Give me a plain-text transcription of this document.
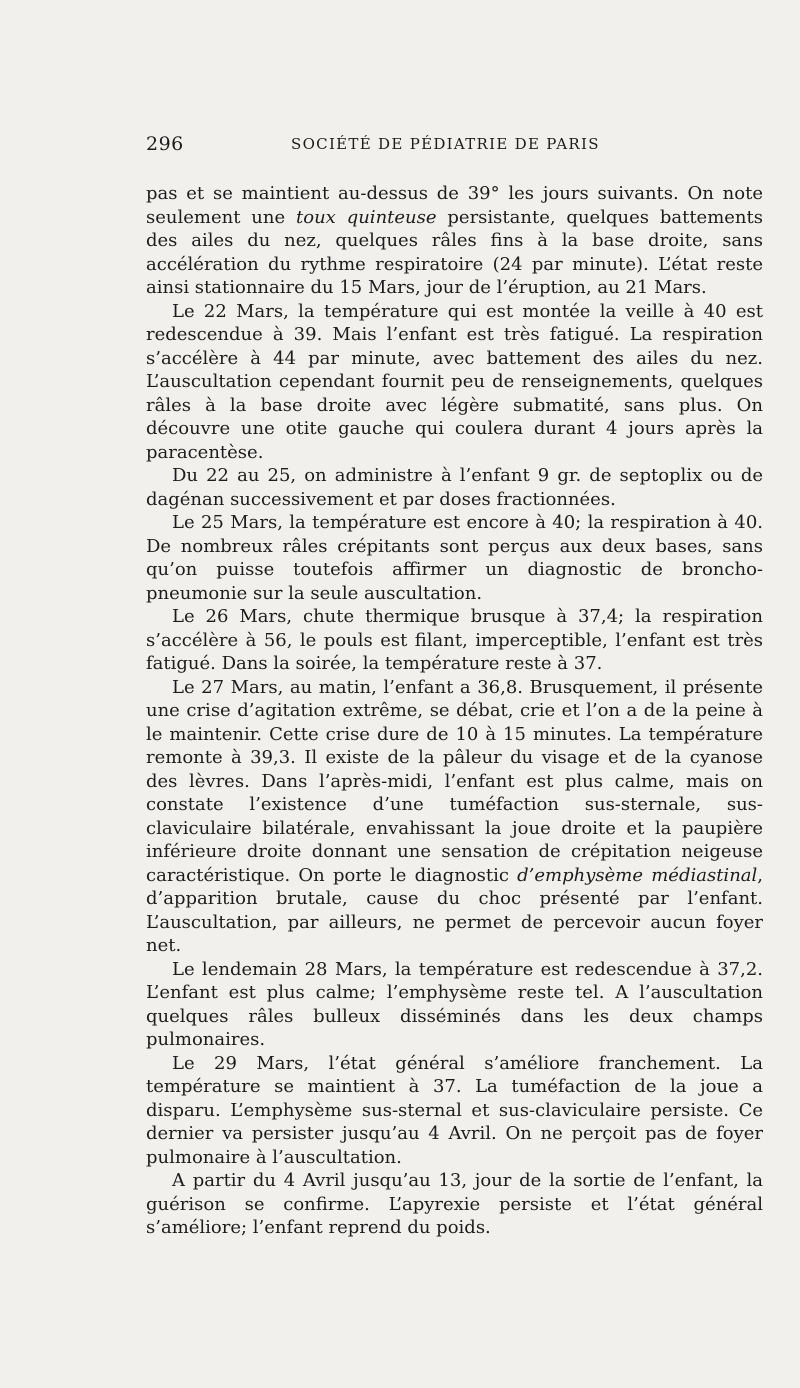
296	SOCIÉTÉ DE PÉDIATRIE DE PARIS

pas et se maintient au-dessus de 39° les jours suivants. On note seulement une toux quinteuse persistante, quelques battements des ailes du nez, quelques râles fins à la base droite, sans accélération du rythme respiratoire (24 par minute). L’état reste ainsi stationnaire du 15 Mars, jour de l’éruption, au 21 Mars.

Le 22 Mars, la température qui est montée la veille à 40 est redescendue à 39. Mais l’enfant est très fatigué. La respiration s’accélère à 44 par minute, avec battement des ailes du nez. L’auscultation cependant fournit peu de renseignements, quelques râles à la base droite avec légère submatité, sans plus. On découvre une otite gauche qui coulera durant 4 jours après la paracentèse.

Du 22 au 25, on administre à l’enfant 9 gr. de septoplix ou de dagénan successivement et par doses fractionnées.

Le 25 Mars, la température est encore à 40; la respiration à 40. De nombreux râles crépitants sont perçus aux deux bases, sans qu’on puisse toutefois affirmer un diagnostic de broncho-pneumonie sur la seule auscultation.

Le 26 Mars, chute thermique brusque à 37,4; la respiration s’accélère à 56, le pouls est filant, imperceptible, l’enfant est très fatigué. Dans la soirée, la température reste à 37.

Le 27 Mars, au matin, l’enfant a 36,8. Brusquement, il présente une crise d’agitation extrême, se débat, crie et l’on a de la peine à le maintenir. Cette crise dure de 10 à 15 minutes. La température remonte à 39,3. Il existe de la pâleur du visage et de la cyanose des lèvres. Dans l’après-midi, l’enfant est plus calme, mais on constate l’existence d’une tuméfaction sus-sternale, sus-claviculaire bilatérale, envahissant la joue droite et la paupière inférieure droite donnant une sensation de crépitation neigeuse caractéristique. On porte le diagnostic d’emphysème médiastinal, d’apparition brutale, cause du choc présenté par l’enfant. L’auscultation, par ailleurs, ne permet de percevoir aucun foyer net.

Le lendemain 28 Mars, la température est redescendue à 37,2. L’enfant est plus calme; l’emphysème reste tel. A l’auscultation quelques râles bulleux disséminés dans les deux champs pulmonaires.

Le 29 Mars, l’état général s’améliore franchement. La température se maintient à 37. La tuméfaction de la joue a disparu. L’emphysème sus-sternal et sus-claviculaire persiste. Ce dernier va persister jusqu’au 4 Avril. On ne perçoit pas de foyer pulmonaire à l’auscultation.

A partir du 4 Avril jusqu’au 13, jour de la sortie de l’enfant, la guérison se confirme. L’apyrexie persiste et l’état général s’améliore; l’enfant reprend du poids.
